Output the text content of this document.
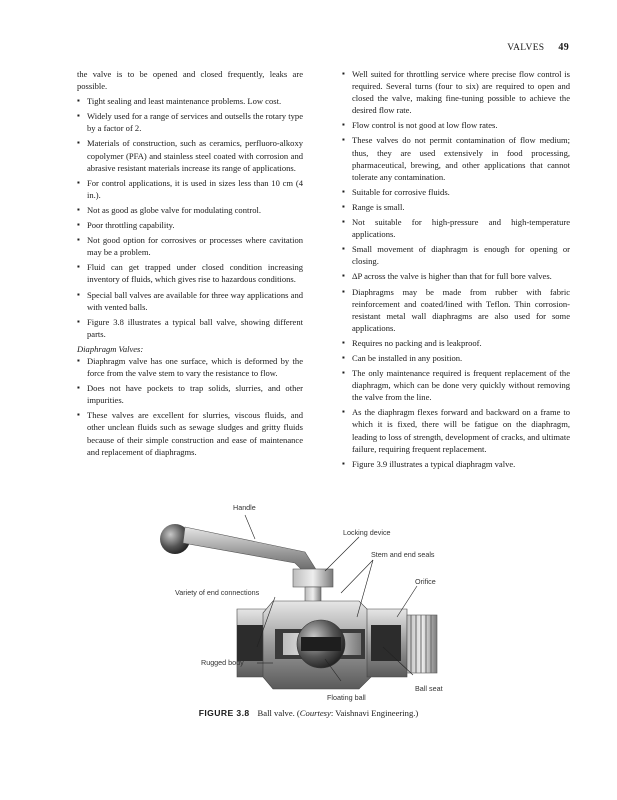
VALVES 49

the valve is to be opened and closed frequently, leaks are possible.

▪ Tight sealing and least maintenance problems. Low cost.
▪ Widely used for a range of services and outsells the rotary type by a factor of 2.
▪ Materials of construction, such as ceramics, perfluoro-alkoxy copolymer (PFA) and stainless steel coated with corrosion and abrasive resistant materials increase its range of applications.
▪ For control applications, it is used in sizes less than 10 cm (4 in.).
▪ Not as good as globe valve for modulating control.
▪ Poor throttling capability.
▪ Not good option for corrosives or processes where cavitation may be a problem.
▪ Fluid can get trapped under closed condition increasing inventory of fluids, which gives rise to hazardous conditions.
▪ Special ball valves are available for three way applications and with vented balls.
▪ Figure 3.8 illustrates a typical ball valve, showing different parts.

Diaphragm Valves:

▪ Diaphragm valve has one surface, which is deformed by the force from the valve stem to vary the resistance to flow.
▪ Does not have pockets to trap solids, slurries, and other impurities.
▪ These valves are excellent for slurries, viscous fluids, and other unclean fluids such as sewage sludges and gritty fluids because of their simple construction and ease of maintenance and replacement of diaphragms.
▪ Well suited for throttling service where precise flow control is required. Several turns (four to six) are required to open and closed the valve, making fine-tuning possible to achieve the desired flow rate.
▪ Flow control is not good at low flow rates.
▪ These valves do not permit contamination of flow medium; thus, they are used extensively in food processing, pharmaceutical, brewing, and other applications that cannot tolerate any contamination.
▪ Suitable for corrosive fluids.
▪ Range is small.
▪ Not suitable for high-pressure and high-temperature applications.
▪ Small movement of diaphragm is enough for opening or closing.
▪ ΔP across the valve is higher than that for full bore valves.
▪ Diaphragms may be made from rubber with fabric reinforcement and coated/lined with Teflon. Thin corrosion-resistant metal wall diaphragms are also used for some applications.
▪ Requires no packing and is leakproof.
▪ Can be installed in any position.
▪ The only maintenance required is frequent replacement of the diaphragm, which can be done very quickly without removing the valve from the line.
▪ As the diaphragm flexes forward and backward on a frame to which it is fixed, there will be fatigue on the diaphragm, leading to loss of strength, development of cracks, and ultimate failure, requiring frequent replacement.
▪ Figure 3.9 illustrates a typical diaphragm valve.
Handle
Locking device
Stem and end seals
Orifice
Variety of end connections
Rugged body
Ball seat
Floating ball
FIGURE 3.8 Ball valve. (Courtesy: Vaishnavi Engineering.)
